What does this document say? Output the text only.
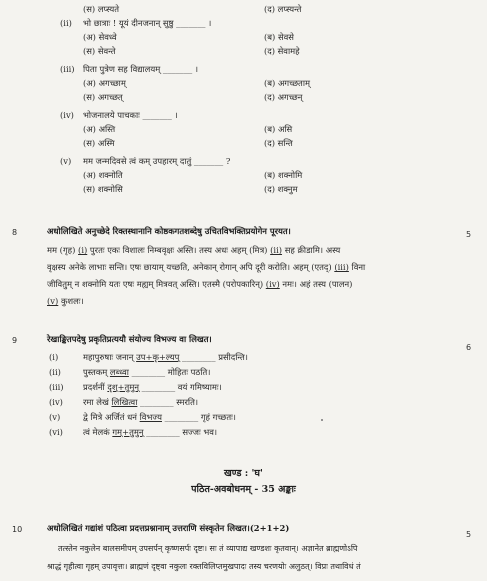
(स) लप्स्यते	(द) लप्स्यन्ते
(ii) भो छात्राः ! यूयं दीनजनान् सुष्ठु _______ ।
(अ) सेवध्वे	(ब) सेवसे
(स) सेवन्ते	(द) सेवामहे
(iii) पिता पुत्रेण सह विद्यालयम् _______ ।
(अ) अगच्छाम्	(ब) अगच्छताम्
(स) अगच्छत्	(द) अगच्छन्
(iv) भोजनालये पाचकाः _______ ।
(अ) अस्ति	(ब) असि
(स) अस्मि	(द) सन्ति
(v) मम जन्मदिवसे त्वं कम् उपहारम् दातुं _______ ?
(अ) शक्नोति	(ब) शक्नोमि
(स) शक्नोसि	(द) शक्नुम
8	5
अधोलिखिते अनुच्छेदे रिक्तस्थानानि कोष्ठकगतशब्देषु उचितविभक्तिप्रयोगेन पूरयत।
मम (गृह) (i) पुरतः एकः विशालः निम्बवृक्षः अस्ति। तस्य अधः अहम् (मित्र) (ii) सह क्रीडामि। अस्य
वृक्षस्य अनेके लाभाः सन्ति। एषः छायाम् यच्छति, अनेकान् रोगान् अपि दूरी करोति। अहम् (एतद्) (iii) विना
जीवितुम् न शक्नोमि यतः एषः मह्यम् मित्रवत् अस्ति। एतस्मै (परोपकारिन्) (iv) नमः। अहं तस्य (पालन)
(v) कुशलः।
9
6
रेखाङ्कितपदेषु प्रकृतिप्रत्ययौ संयोज्य विभज्य वा लिखत।
(i)	महापुरुषाः जनान् उप+कृ+ल्यप् ________ प्रसीदन्ति।
(ii)	पुस्तकम् लब्ध्वा ________ मोहितः पठति।
(iii) प्रदर्शनीं दृश्+तुमुन् ________ वयं गमिष्यामः।
(iv) रमा लेखं लिखित्वा ________ स्मरति।
(v)	द्वे मित्रे अर्जितं धनं विभज्य ________ गृहं गच्छतः।
(vi) त्वं मेलकं गम्+तुमुन् ________ सज्जः भव।
खण्ड : 'घ'
पठित-अवबोधनम् - 35 अङ्काः
10
5
अधोलिखितं गद्यांशं पठित्वा प्रदत्तप्रश्नानाम् उत्तराणि संस्कृतेन लिखत।(2+1+2)
तत्स्तेन नकुलेन बालसमीपम् उपसर्पन् कृष्णसर्पः दृष्टः। सः तं व्यापाद्य खण्डशः कृतवान्। अज्ञानेत ब्राह्मणोऽपि
श्राद्धं गृहीत्वा गृहम् उपावृत्तः। ब्राह्मणं दृष्ट्वा नकुलः रक्तविलिप्तमुखपादः तस्य चरणयोः अलुठत्। विप्रः तथाविधं तं
